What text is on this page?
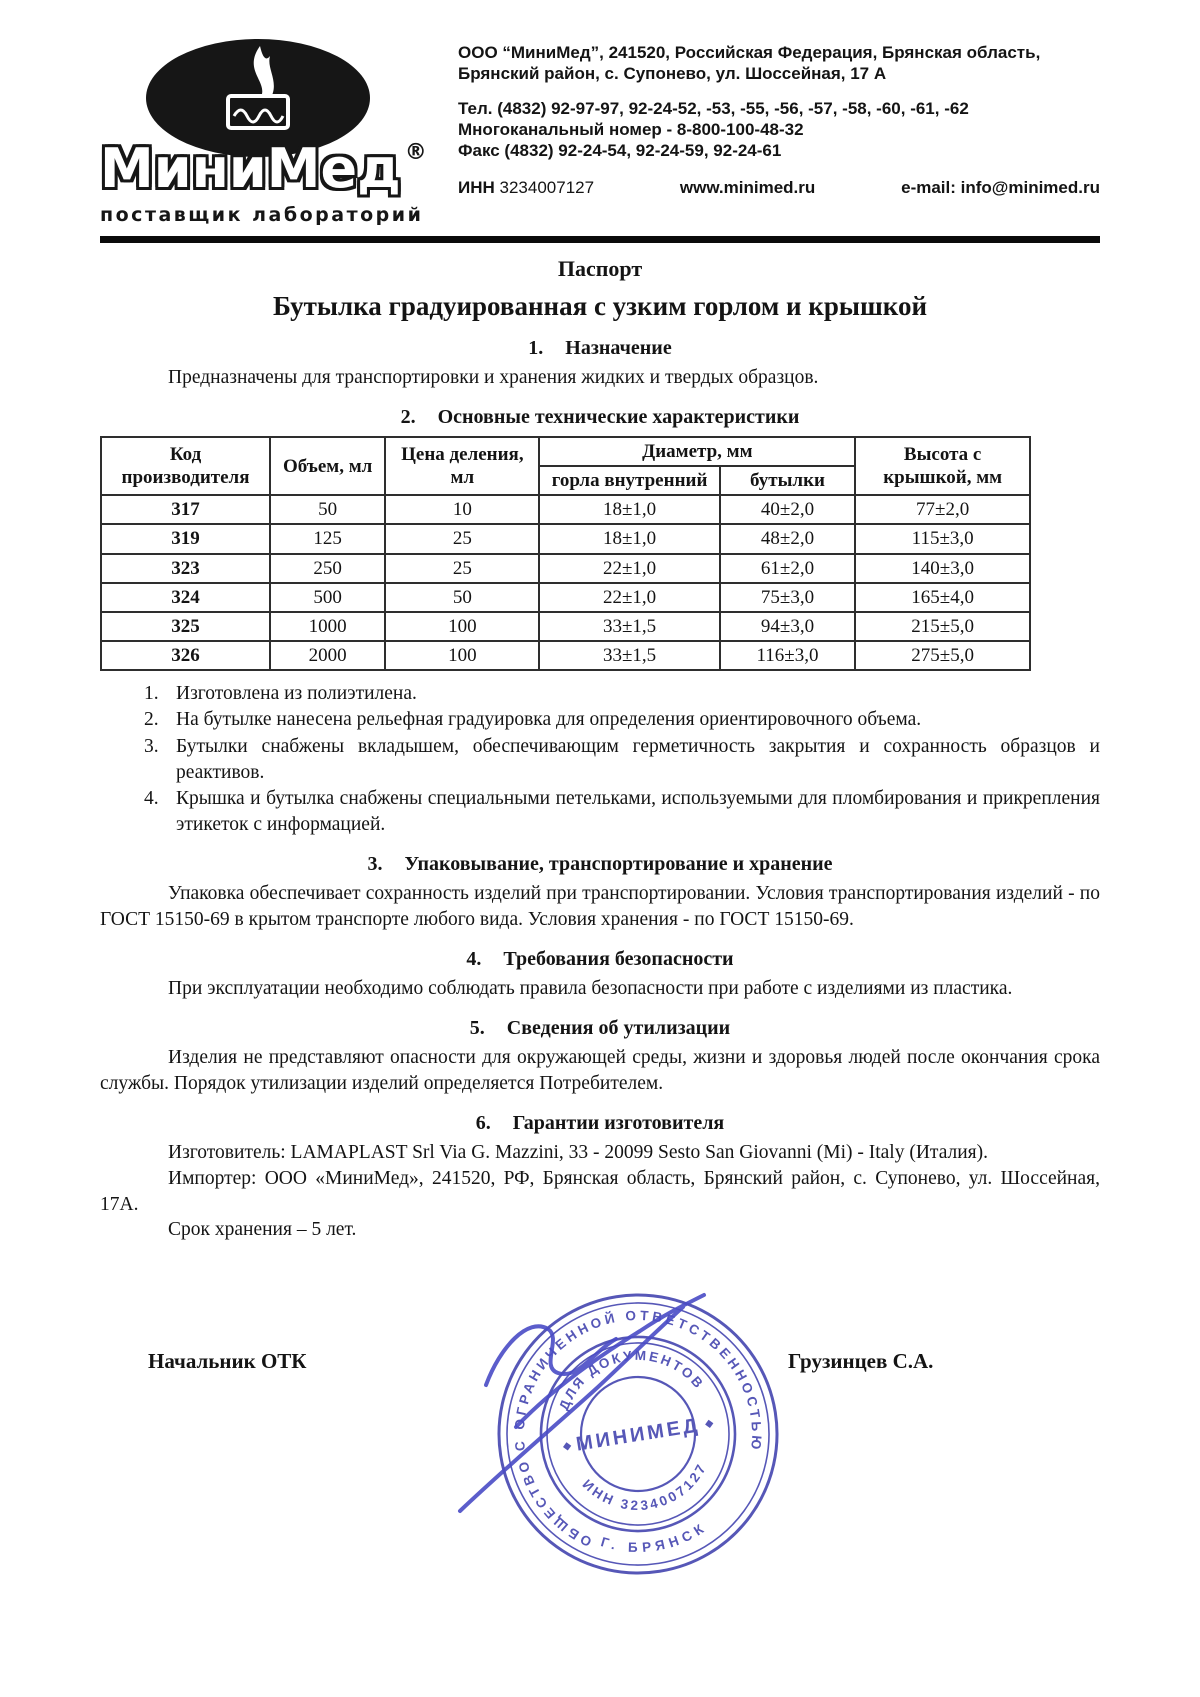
МиниМед ®
поставщик лабораторий
ООО “МиниМед”, 241520, Российская Федерация, Брянская область,
Брянский район, с. Супонево, ул. Шоссейная, 17 А
Тел. (4832) 92-97-97, 92-24-52, -53, -55, -56, -57, -58, -60, -61, -62
Многоканальный номер - 8-800-100-48-32
Факс (4832) 92-24-54, 92-24-59, 92-24-61
ИНН 3234007127	www.minimed.ru	e-mail: info@minimed.ru
Паспорт
Бутылка градуированная с узким горлом и крышкой
1. Назначение
Предназначены для транспортировки и хранения жидких и твердых образцов.
2. Основные технические характеристики
Код производителя	Объем, мл	Цена деления, мл	Диаметр, мм		Высота с крышкой, мм
			горла внутренний	бутылки	
317	50	10	18±1,0	40±2,0	77±2,0
319	125	25	18±1,0	48±2,0	115±3,0
323	250	25	22±1,0	61±2,0	140±3,0
324	500	50	22±1,0	75±3,0	165±4,0
325	1000	100	33±1,5	94±3,0	215±5,0
326	2000	100	33±1,5	116±3,0	275±5,0
1. Изготовлена из полиэтилена.
2. На бутылке нанесена рельефная градуировка для определения ориентировочного объема.
3. Бутылки снабжены вкладышем, обеспечивающим герметичность закрытия и сохранность образцов и реактивов.
4. Крышка и бутылка снабжены специальными петельками, используемыми для пломбирования и прикрепления этикеток с информацией.
3. Упаковывание, транспортирование и хранение
Упаковка обеспечивает сохранность изделий при транспортировании. Условия транспортирования изделий - по ГОСТ 15150-69 в крытом транспорте любого вида. Условия хранения - по ГОСТ 15150-69.
4. Требования безопасности
При эксплуатации необходимо соблюдать правила безопасности при работе с изделиями из пластика.
5. Сведения об утилизации
Изделия не представляют опасности для окружающей среды, жизни и здоровья людей после окончания срока службы. Порядок утилизации изделий определяется Потребителем.
6. Гарантии изготовителя
Изготовитель: LAMAPLAST Srl Via G. Mazzini, 33 - 20099 Sesto San Giovanni (Mi) - Italy (Италия).
Импортер: ООО «МиниМед», 241520, РФ, Брянская область, Брянский район, с. Супонево, ул. Шоссейная, 17А.
Срок хранения – 5 лет.
Начальник ОТК	Грузинцев С.А.
ОБЩЕСТВО С ОГРАНИЧЕННОЙ ОТВЕТСТВЕННОСТЬЮ
Г. БРЯНСК
ДЛЯ ДОКУМЕНТОВ
ИНН 3234007127
МИНИМЕД
◆
◆
